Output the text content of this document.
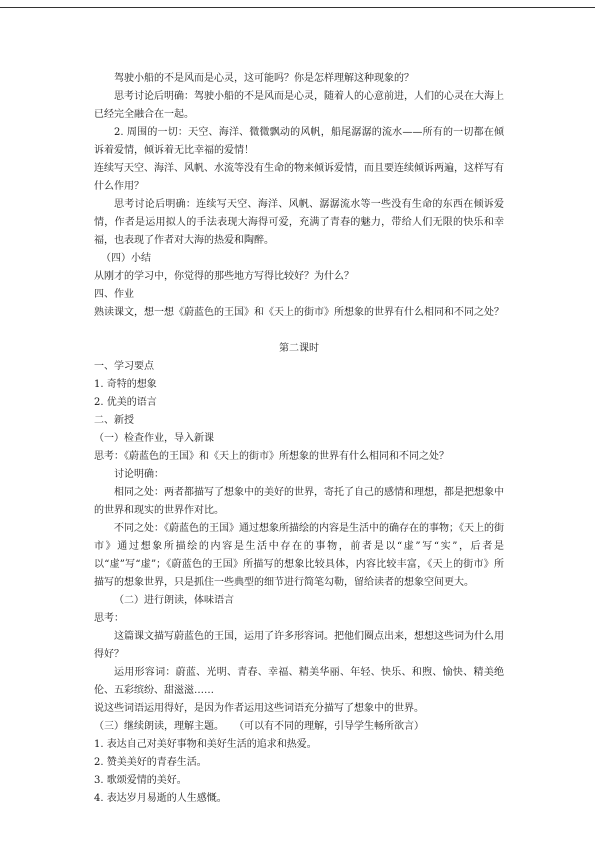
驾驶小船的不是风而是心灵，这可能吗？你是怎样理解这种现象的？

思考讨论后明确：驾驶小船的不是风而是心灵，随着人的心意前进，人们的心灵在大海上已经完全融合在一起。

2. 周围的一切：天空、海洋、微微飘动的风帆，船尾潺潺的流水——所有的一切都在倾诉着爱情，倾诉着无比幸福的爱情！

连续写天空、海洋、风帆、水流等没有生命的物来倾诉爱情，而且要连续倾诉两遍，这样写有什么作用？

思考讨论后明确：连续写天空、海洋、风帆、潺潺流水等一些没有生命的东西在倾诉爱情，作者是运用拟人的手法表现大海得可爱，充满了青春的魅力，带给人们无限的快乐和幸福，也表现了作者对大海的热爱和陶醉。

（四）小结

从刚才的学习中，你觉得的那些地方写得比较好？为什么？

四、作业

熟读课文，想一想《蔚蓝色的王国》和《天上的街市》所想象的世界有什么相同和不同之处？

第二课时

一、学习要点

1. 奇特的想象

2. 优美的语言

二、新授

（一）检查作业，导入新课

思考：《蔚蓝色的王国》和《天上的街市》所想象的世界有什么相同和不同之处？

讨论明确：

相同之处：两者都描写了想象中的美好的世界，寄托了自己的感情和理想，都是把想象中的世界和现实的世界作对比。

不同之处：《蔚蓝色的王国》通过想象所描绘的内容是生活中的确存在的事物；《天上的街市》通过想象所描绘的内容是生活中存在的事物，前者是以“虚”写“实”，后者是以“虚”写“虚”；《蔚蓝色的王国》所描写的想象比较具体，内容比较丰富，《天上的街市》所描写的想象世界，只是抓住一些典型的细节进行简笔勾勒，留给读者的想象空间更大。

（二）进行朗读，体味语言

思考：

这篇课文描写蔚蓝色的王国，运用了许多形容词。把他们圈点出来，想想这些词为什么用得好？

运用形容词：蔚蓝、光明、青春、幸福、精美华丽、年轻、快乐、和煦、愉快、精美绝伦、五彩缤纷、甜滋滋……

说这些词语运用得好，是因为作者运用这些词语充分描写了想象中的世界。

（三）继续朗读，理解主题。　　（可以有不同的理解，引导学生畅所欲言）

1. 表达自己对美好事物和美好生活的追求和热爱。

2. 赞美美好的青春生活。

3. 歌颂爱情的美好。

4. 表达岁月易逝的人生感慨。
